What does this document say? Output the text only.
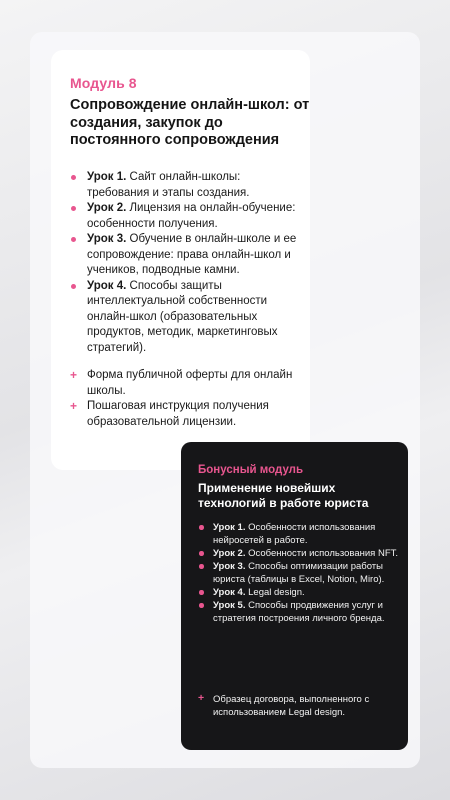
Модуль 8
Сопровождение онлайн-школ: от создания, закупок до постоянного сопровождения
Урок 1. Сайт онлайн-школы: требования и этапы создания.
Урок 2. Лицензия на онлайн-обучение: особенности получения.
Урок 3. Обучение в онлайн-школе и ее сопровождение: права онлайн-школ и учеников, подводные камни.
Урок 4. Способы защиты интеллектуальной собственности онлайн-школ (образовательных продуктов, методик, маркетинговых стратегий).
+ Форма публичной оферты для онлайн школы.
+ Пошаговая инструкция получения образовательной лицензии.
Бонусный модуль
Применение новейших технологий в работе юриста
Урок 1. Особенности использования нейросетей в работе.
Урок 2. Особенности использования NFT.
Урок 3. Способы оптимизации работы юриста (таблицы в Excel, Notion, Miro).
Урок 4. Legal design.
Урок 5. Способы продвижения услуг и стратегия построения личного бренда.
+ Образец договора, выполненного с использованием Legal design.
